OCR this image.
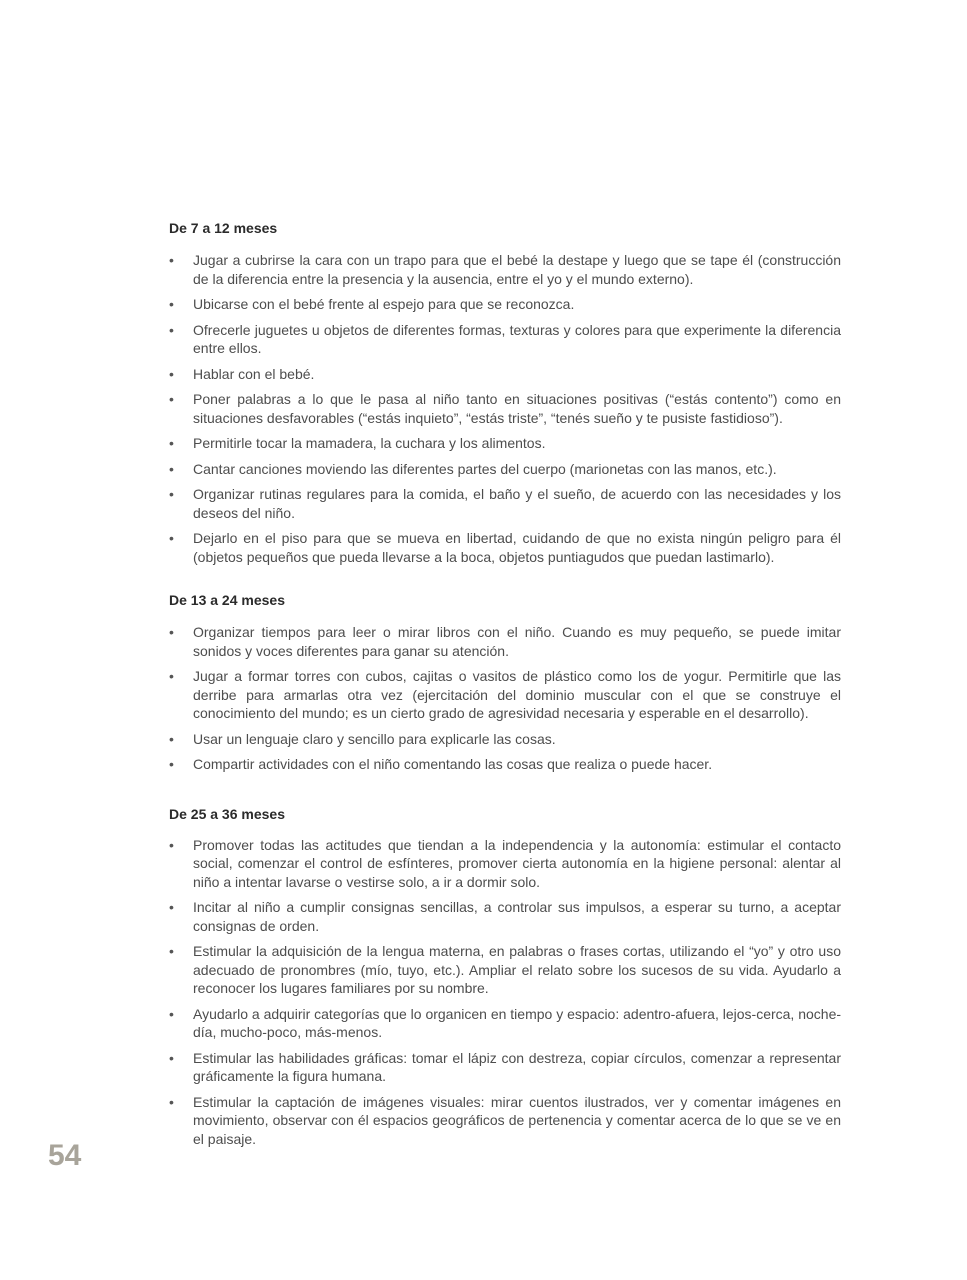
De 7 a 12 meses
• Jugar a cubrirse la cara con un trapo para que el bebé la destape y luego que se tape él (construcción de la diferencia entre la presencia y la ausencia, entre el yo y el mundo externo).
• Ubicarse con el bebé frente al espejo para que se reconozca.
• Ofrecerle juguetes u objetos de diferentes formas, texturas y colores para que experimente la diferencia entre ellos.
• Hablar con el bebé.
• Poner palabras a lo que le pasa al niño tanto en situaciones positivas (“estás contento”) como en situaciones desfavorables (“estás inquieto”, “estás triste”, “tenés sueño y te pusiste fastidioso”).
• Permitirle tocar la mamadera, la cuchara y los alimentos.
• Cantar canciones moviendo las diferentes partes del cuerpo (marionetas con las manos, etc.).
• Organizar rutinas regulares para la comida, el baño y el sueño, de acuerdo con las necesidades y los deseos del niño.
• Dejarlo en el piso para que se mueva en libertad, cuidando de que no exista ningún peligro para él (objetos pequeños que pueda llevarse a la boca, objetos puntiagudos que puedan lastimarlo).
De 13 a 24 meses
• Organizar tiempos para leer o mirar libros con el niño. Cuando es muy pequeño, se puede imitar sonidos y voces diferentes para ganar su atención.
• Jugar a formar torres con cubos, cajitas o vasitos de plástico como los de yogur. Permitirle que las derribe para armarlas otra vez (ejercitación del dominio muscular con el que se construye el conocimiento del mundo; es un cierto grado de agresividad necesaria y esperable en el desarrollo).
• Usar un lenguaje claro y sencillo para explicarle las cosas.
• Compartir actividades con el niño comentando las cosas que realiza o puede hacer.
De 25 a 36 meses
• Promover todas las actitudes que tiendan a la independencia y la autonomía: estimular el contacto social, comenzar el control de esfínteres, promover cierta autonomía en la higiene personal: alentar al niño a intentar lavarse o vestirse solo, a ir a dormir solo.
• Incitar al niño a cumplir consignas sencillas, a controlar sus impulsos, a esperar su turno, a aceptar consignas de orden.
• Estimular la adquisición de la lengua materna, en palabras o frases cortas, utilizando el “yo” y otro uso adecuado de pronombres (mío, tuyo, etc.). Ampliar el relato sobre los sucesos de su vida. Ayudarlo a reconocer los lugares familiares por su nombre.
• Ayudarlo a adquirir categorías que lo organicen en tiempo y espacio: adentro-afuera, lejos-cerca, noche-día, mucho-poco, más-menos.
• Estimular las habilidades gráficas: tomar el lápiz con destreza, copiar círculos, comenzar a representar gráficamente la figura humana.
• Estimular la captación de imágenes visuales: mirar cuentos ilustrados, ver y comentar imágenes en movimiento, observar con él espacios geográficos de pertenencia y comentar acerca de lo que se ve en el paisaje.
54
